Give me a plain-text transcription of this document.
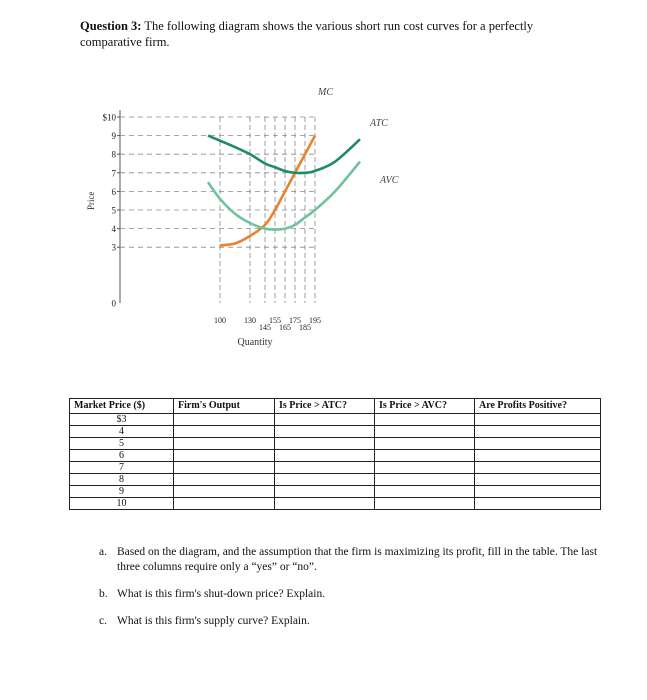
Question 3: The following diagram shows the various short run cost curves for a perfectly comparative firm.
$10
9
8
7
6
5
4
3
0
100 130
145
155
165
175
185
195
MC
ATC
AVC
Price
Quantity
Market Price ($)	Firm's Output	Is Price > ATC?	Is Price > AVC?	Are Profits Positive?
$3				
4				
5				
6				
7				
8				
9				
10				
a. Based on the diagram, and the assumption that the firm is maximizing its profit, fill in the table. The last three columns require only a “yes” or “no”.
b. What is this firm's shut-down price? Explain.
c. What is this firm's supply curve? Explain.
